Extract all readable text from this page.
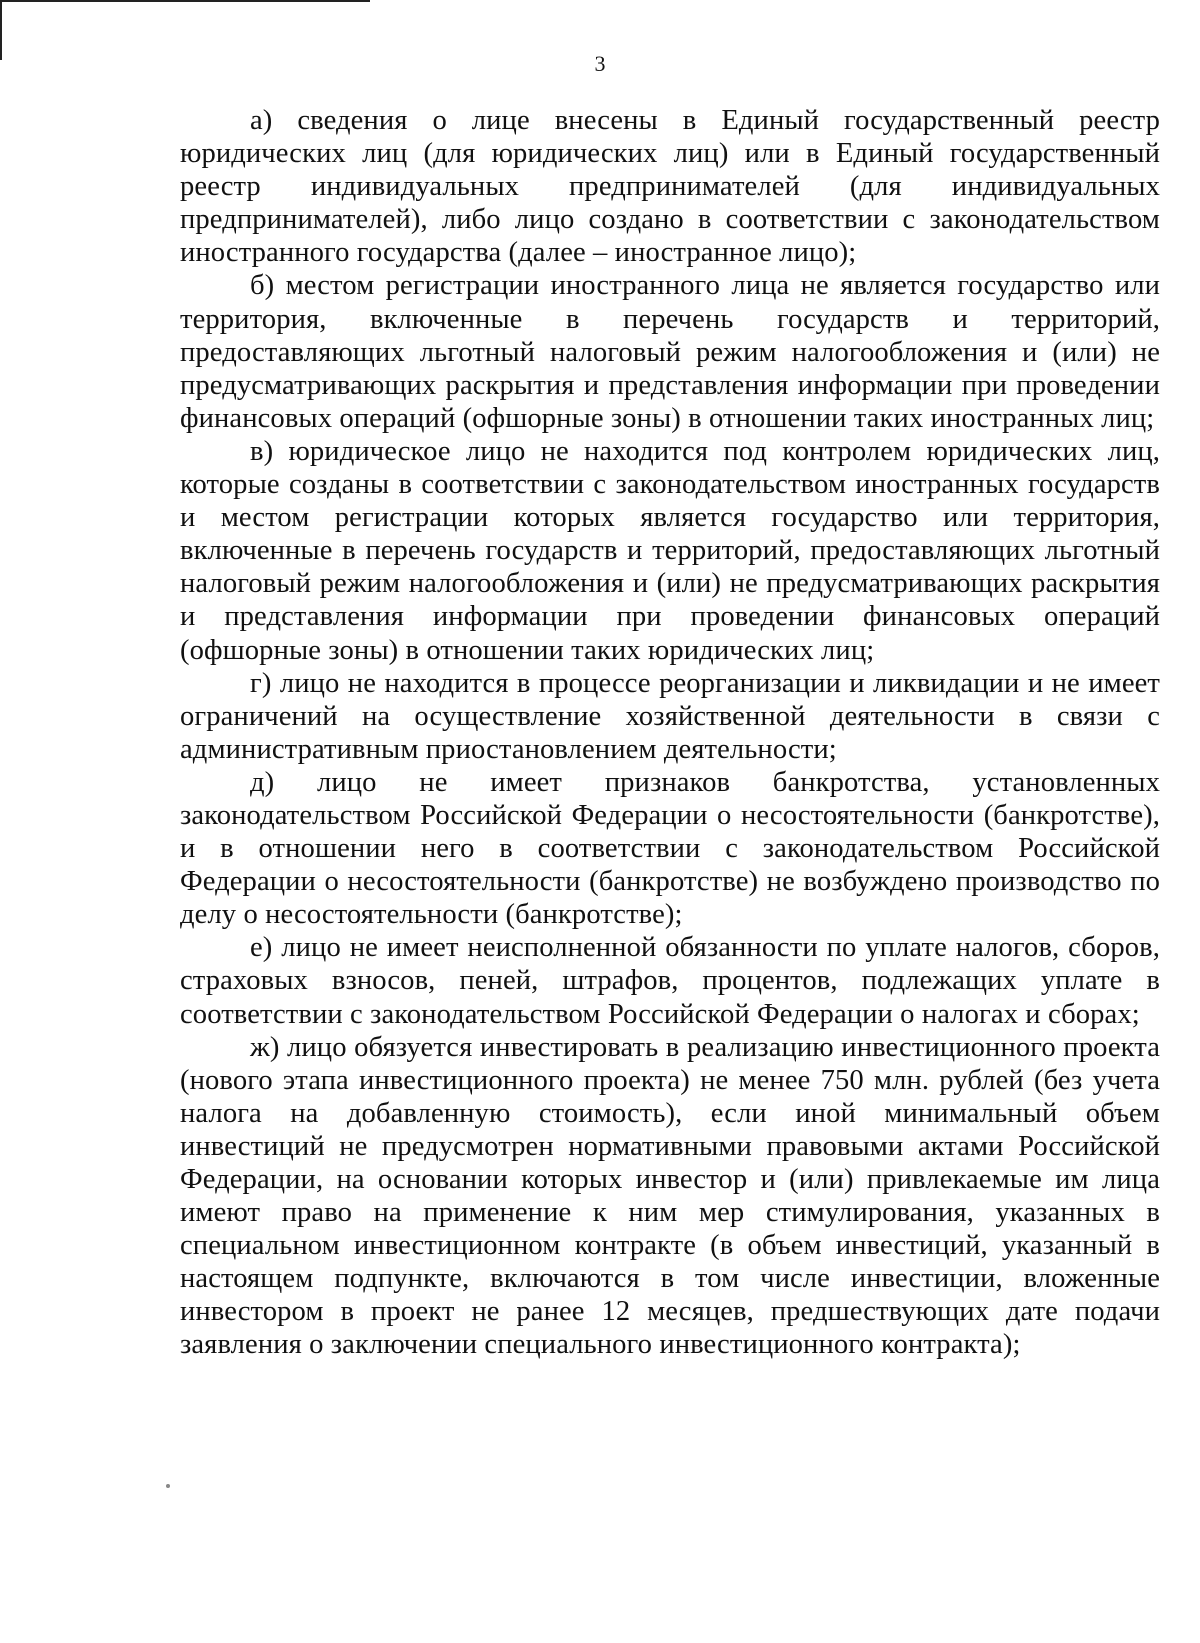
3

а) сведения о лице внесены в Единый государственный реестр юридических лиц (для юридических лиц) или в Единый государственный реестр индивидуальных предпринимателей (для индивидуальных предпринимателей), либо лицо создано в соответствии с законодательством иностранного государства (далее – иностранное лицо);

б) местом регистрации иностранного лица не является государство или территория, включенные в перечень государств и территорий, предоставляющих льготный налоговый режим налогообложения и (или) не предусматривающих раскрытия и представления информации при проведении финансовых операций (офшорные зоны) в отношении таких иностранных лиц;

в) юридическое лицо не находится под контролем юридических лиц, которые созданы в соответствии с законодательством иностранных государств и местом регистрации которых является государство или территория, включенные в перечень государств и территорий, предоставляющих льготный налоговый режим налогообложения и (или) не предусматривающих раскрытия и представления информации при проведении финансовых операций (офшорные зоны) в отношении таких юридических лиц;

г) лицо не находится в процессе реорганизации и ликвидации и не имеет ограничений на осуществление хозяйственной деятельности в связи с административным приостановлением деятельности;

д) лицо не имеет признаков банкротства, установленных законодательством Российской Федерации о несостоятельности (банкротстве), и в отношении него в соответствии с законодательством Российской Федерации о несостоятельности (банкротстве) не возбуждено производство по делу о несостоятельности (банкротстве);

е) лицо не имеет неисполненной обязанности по уплате налогов, сборов, страховых взносов, пеней, штрафов, процентов, подлежащих уплате в соответствии с законодательством Российской Федерации о налогах и сборах;

ж) лицо обязуется инвестировать в реализацию инвестиционного проекта (нового этапа инвестиционного проекта) не менее 750 млн. рублей (без учета налога на добавленную стоимость), если иной минимальный объем инвестиций не предусмотрен нормативными правовыми актами Российской Федерации, на основании которых инвестор и (или) привлекаемые им лица имеют право на применение к ним мер стимулирования, указанных в специальном инвестиционном контракте (в объем инвестиций, указанный в настоящем подпункте, включаются в том числе инвестиции, вложенные инвестором в проект не ранее 12 месяцев, предшествующих дате подачи заявления о заключении специального инвестиционного контракта);
